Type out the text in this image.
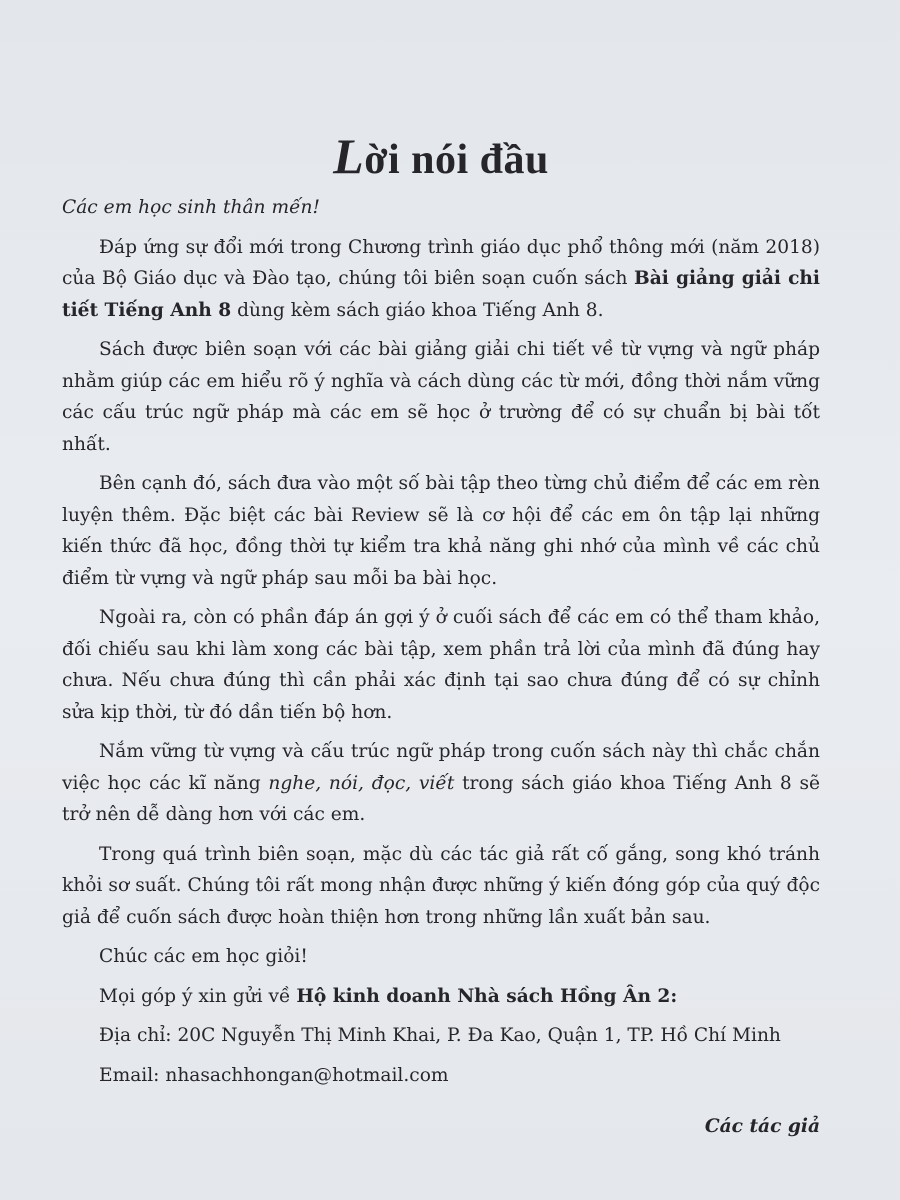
Lời nói đầu

Các em học sinh thân mến!

Đáp ứng sự đổi mới trong Chương trình giáo dục phổ thông mới (năm 2018) của Bộ Giáo dục và Đào tạo, chúng tôi biên soạn cuốn sách Bài giảng giải chi tiết Tiếng Anh 8 dùng kèm sách giáo khoa Tiếng Anh 8.

Sách được biên soạn với các bài giảng giải chi tiết về từ vựng và ngữ pháp nhằm giúp các em hiểu rõ ý nghĩa và cách dùng các từ mới, đồng thời nắm vững các cấu trúc ngữ pháp mà các em sẽ học ở trường để có sự chuẩn bị bài tốt nhất.

Bên cạnh đó, sách đưa vào một số bài tập theo từng chủ điểm để các em rèn luyện thêm. Đặc biệt các bài Review sẽ là cơ hội để các em ôn tập lại những kiến thức đã học, đồng thời tự kiểm tra khả năng ghi nhớ của mình về các chủ điểm từ vựng và ngữ pháp sau mỗi ba bài học.

Ngoài ra, còn có phần đáp án gợi ý ở cuối sách để các em có thể tham khảo, đối chiếu sau khi làm xong các bài tập, xem phần trả lời của mình đã đúng hay chưa. Nếu chưa đúng thì cần phải xác định tại sao chưa đúng để có sự chỉnh sửa kịp thời, từ đó dần tiến bộ hơn.

Nắm vững từ vựng và cấu trúc ngữ pháp trong cuốn sách này thì chắc chắn việc học các kĩ năng nghe, nói, đọc, viết trong sách giáo khoa Tiếng Anh 8 sẽ trở nên dễ dàng hơn với các em.

Trong quá trình biên soạn, mặc dù các tác giả rất cố gắng, song khó tránh khỏi sơ suất. Chúng tôi rất mong nhận được những ý kiến đóng góp của quý độc giả để cuốn sách được hoàn thiện hơn trong những lần xuất bản sau.

Chúc các em học giỏi!

Mọi góp ý xin gửi về Hộ kinh doanh Nhà sách Hồng Ân 2:

Địa chỉ: 20C Nguyễn Thị Minh Khai, P. Đa Kao, Quận 1, TP. Hồ Chí Minh

Email: nhasachhongan@hotmail.com

Các tác giả
